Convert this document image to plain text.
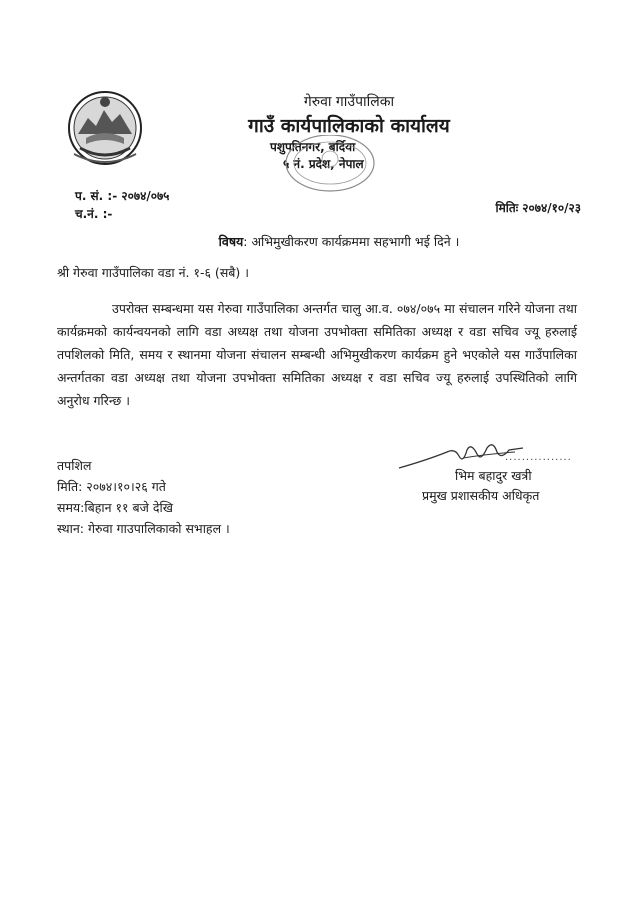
गेरुवा गाउँपालिका
गाउँ कार्यपालिकाको कार्यालय
पशुपतिनगर, बर्दिया
५ नं. प्रदेश, नेपाल
प. सं. :- २०७४/०७५
च.नं. :-	मितिः २०७४/१०/२३
विषय: अभिमुखीकरण कार्यक्रममा सहभागी भई दिने ।
श्री गेरुवा गाउँपालिका वडा नं. १-६ (सबै) ।
उपरोक्त सम्बन्धमा यस गेरुवा गाउँपालिका अन्तर्गत चालु आ.व. ०७४/०७५ मा संचालन गरिने योजना तथा कार्यक्रमको कार्यन्वयनको लागि वडा अध्यक्ष तथा योजना उपभोक्ता समितिका अध्यक्ष र वडा सचिव ज्यू हरुलाई तपशिलको मिति, समय र स्थानमा योजना संचालन सम्बन्धी अभिमुखीकरण कार्यक्रम हुने भएकोले यस गाउँपालिका अन्तर्गतका वडा अध्यक्ष तथा योजना उपभोक्ता समितिका अध्यक्ष र वडा सचिव ज्यू हरुलाई उपस्थितिको लागि अनुरोध गरिन्छ ।
तपशिल
मिति: २०७४।१०।२६ गते
समय:बिहान ११ बजे देखि
स्थान: गेरुवा गाउपालिकाको सभाहल ।
................
भिम बहादुर खत्री
प्रमुख प्रशासकीय अधिकृत
